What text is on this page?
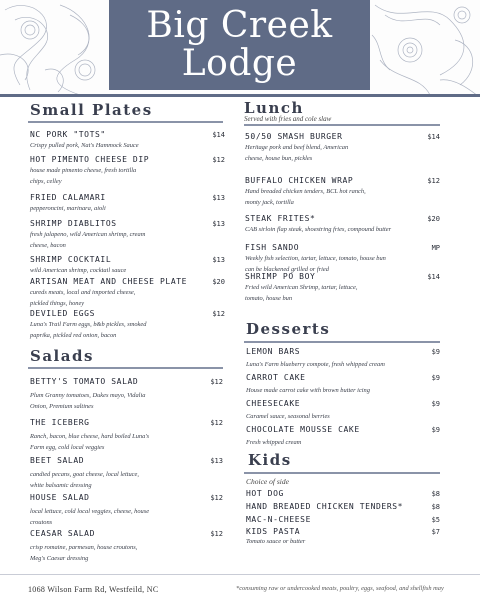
Big Creek
Lodge
Small Plates
NC PORK "TOTS"	$14
Crispy pulled pork, Nat's Hammock Sauce
HOT PIMENTO CHEESE DIP	$12
house made pimento cheese, fresh tortilla
chips, celley
FRIED CALAMARI	$13
pepperoncini, marinara, aioli
SHRIMP DIABLITOS	$13
fresh jalapeno, wild American shrimp, cream
cheese, bacon
SHRIMP COCKTAIL	$13
wild American shrimp, cocktail sauce
ARTISAN MEAT AND CHEESE PLATE	$20
cureds meats, local and imported cheese,
pickled things, honey
DEVILED EGGS	$12
Luna's Trail Farm eggs, b&b pickles, smoked
paprika, pickled red onion, bacon
Salads
BETTY'S TOMATO SALAD	$12
Plum Granny tomatoes, Dukes mayo, Vidalia
Onion, Premium saltines
THE ICEBERG	$12
Ranch, bacon, blue cheese, hard boiled Luna's
Farm egg, cold local veggies
BEET SALAD	$13
candied pecans, goat cheese, local lettuce,
white balsamic dressing
HOUSE SALAD	$12
local lettuce, cold local veggies, cheese, house
croutons
CEASAR SALAD	$12
crisp romaine, parmesan, house croutons,
Meg's Caesar dressing
Lunch
Served with fries and cole slaw
50/50 SMASH BURGER	$14
Heritage pork and beef blend, American
cheese, house bun, pickles
BUFFALO CHICKEN WRAP	$12
Hand breaded chicken tenders, BCL hot ranch,
monty jack, tortilla
STEAK FRITES*	$20
CAB sirloin flap steak, shoestring fries, compound butter
FISH SANDO	MP
Weekly fish selection, tartar, lettuce, tomato, house bun
can be blackened grilled or fried
SHRIMP PO BOY	$14
Fried wild American Shrimp, tartar, lettuce,
tomato, house bun
Desserts
LEMON BARS	$9
Luna's Farm blueberry compote, fresh whipped cream
CARROT CAKE	$9
House made carrot cake with brown butter icing
CHEESECAKE	$9
Caramel sauce, seasonal berries
CHOCOLATE MOUSSE CAKE	$9
Fresh whipped cream
Kids
Choice of side
HOT DOG	$8
HAND BREADED CHICKEN TENDERS*	$8
MAC-N-CHEESE	$5
KIDS PASTA	$7
Tomato sauce or butter
1068 Wilson Farm Rd, Westfeild, NC	*consuming raw or undercooked meats, poultry, eggs, seafood, and shellfish may
